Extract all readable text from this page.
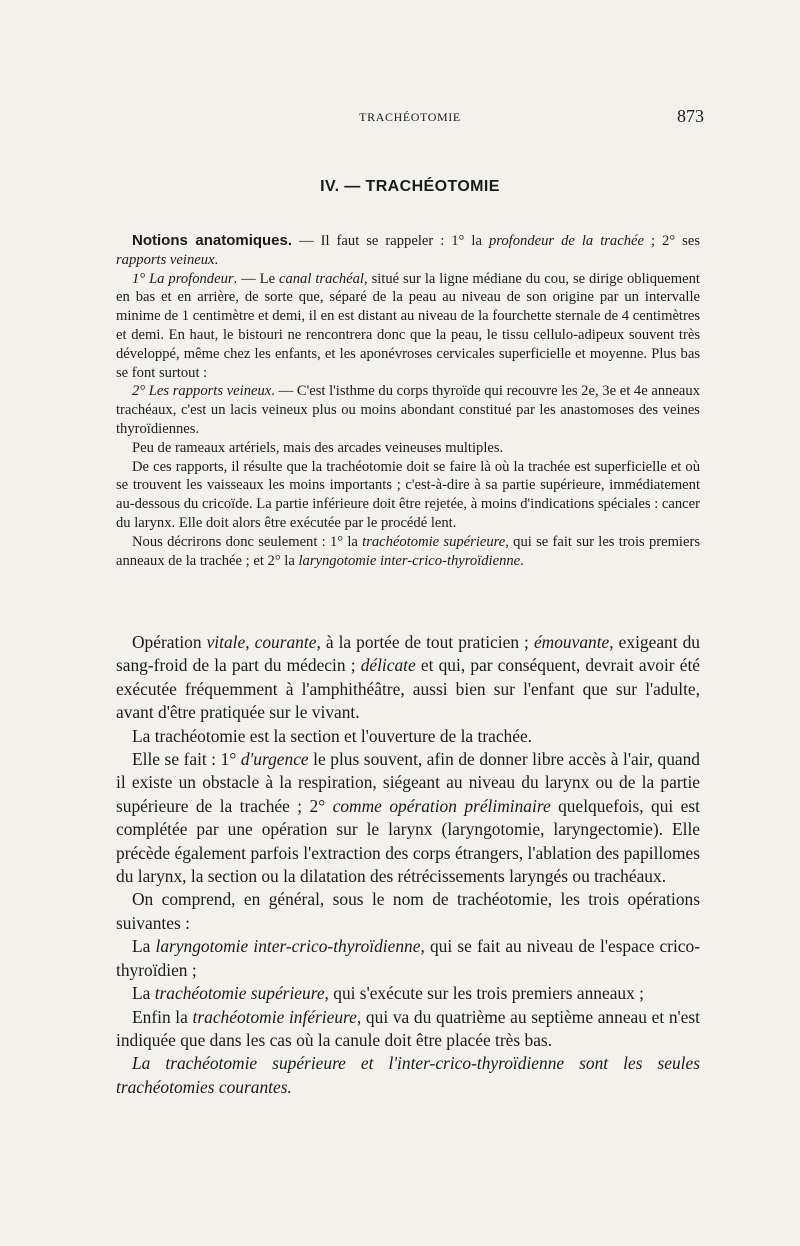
TRACHÉOTOMIE	873
IV. — TRACHÉOTOMIE

Notions anatomiques. — Il faut se rappeler : 1° la profondeur de la trachée ; 2° ses rapports veineux.

1° La profondeur. — Le canal trachéal, situé sur la ligne médiane du cou, se dirige obliquement en bas et en arrière, de sorte que, séparé de la peau au niveau de son origine par un intervalle minime de 1 centimètre et demi, il en est distant au niveau de la fourchette sternale de 4 centimètres et demi. En haut, le bistouri ne rencontrera donc que la peau, le tissu cellulo-adipeux souvent très développé, même chez les enfants, et les aponévroses cervicales superficielle et moyenne. Plus bas se font surtout :

2° Les rapports veineux. — C'est l'isthme du corps thyroïde qui recouvre les 2e, 3e et 4e anneaux trachéaux, c'est un lacis veineux plus ou moins abondant constitué par les anastomoses des veines thyroïdiennes.

Peu de rameaux artériels, mais des arcades veineuses multiples.

De ces rapports, il résulte que la trachéotomie doit se faire là où la trachée est superficielle et où se trouvent les vaisseaux les moins importants ; c'est-à-dire à sa partie supérieure, immédiatement au-dessous du cricoïde. La partie inférieure doit être rejetée, à moins d'indications spéciales : cancer du larynx. Elle doit alors être exécutée par le procédé lent.

Nous décrirons donc seulement : 1° la trachéotomie supérieure, qui se fait sur les trois premiers anneaux de la trachée ; et 2° la laryngotomie inter-crico-thyroïdienne.

Opération vitale, courante, à la portée de tout praticien ; émouvante, exigeant du sang-froid de la part du médecin ; délicate et qui, par conséquent, devrait avoir été exécutée fréquemment à l'amphithéâtre, aussi bien sur l'enfant que sur l'adulte, avant d'être pratiquée sur le vivant.

La trachéotomie est la section et l'ouverture de la trachée.

Elle se fait : 1° d'urgence le plus souvent, afin de donner libre accès à l'air, quand il existe un obstacle à la respiration, siégeant au niveau du larynx ou de la partie supérieure de la trachée ; 2° comme opération préliminaire quelquefois, qui est complétée par une opération sur le larynx (laryngotomie, laryngectomie). Elle précède également parfois l'extraction des corps étrangers, l'ablation des papillomes du larynx, la section ou la dilatation des rétrécissements laryngés ou trachéaux.

On comprend, en général, sous le nom de trachéotomie, les trois opérations suivantes :

La laryngotomie inter-crico-thyroïdienne, qui se fait au niveau de l'espace crico-thyroïdien ;

La trachéotomie supérieure, qui s'exécute sur les trois premiers anneaux ;

Enfin la trachéotomie inférieure, qui va du quatrième au septième anneau et n'est indiquée que dans les cas où la canule doit être placée très bas.

La trachéotomie supérieure et l'inter-crico-thyroïdienne sont les seules trachéotomies courantes.
